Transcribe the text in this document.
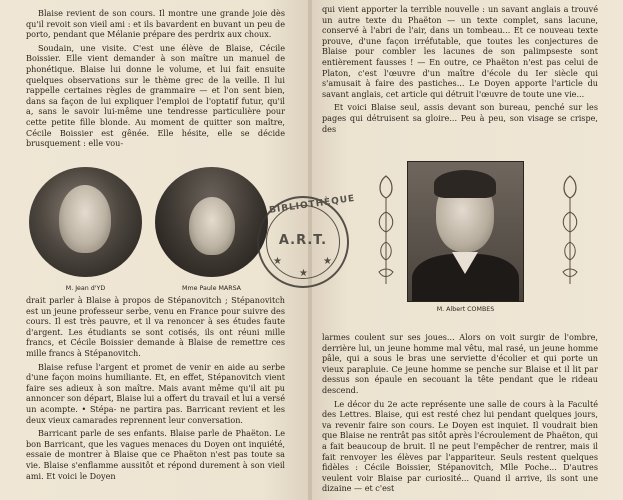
Blaise revient de son cours. Il montre une grande joie dès qu'il revoit son vieil ami : et ils bavardent en buvant un peu de porto, pendant que Mélanie prépare des perdrix aux choux.

Soudain, une visite. C'est une élève de Blaise, Cécile Boissier. Elle vient demander à son maître un manuel de phonétique. Blaise lui donne le volume, et lui fait ensuite quelques observations sur le thème grec de la veille. Il lui rappelle certaines règles de grammaire — et l'on sent bien, dans sa façon de lui expliquer l'emploi de l'optatif futur, qu'il a, sans le savoir lui-même une tendresse particulière pour cette petite fille blonde. Au moment de quitter son maître, Cécile Boissier est gênée. Elle hésite, elle se décide brusquement : elle vou-

M. Jean d'YD	Mme Paule MARSA

drait parler à Blaise à propos de Stépanovitch ; Stépanovitch est un jeune professeur serbe, venu en France pour suivre des cours. Il est très pauvre, et il va renoncer à ses études faute d'argent. Les étudiants se sont cotisés, ils ont réuni mille francs, et Cécile Boissier demande à Blaise de remettre ces mille francs à Stépanovitch.

Blaise refuse l'argent et promet de venir en aide au serbe d'une façon moins humiliante. Et, en effet, Stépanovitch vient faire ses adieux à son maître. Mais avant même qu'il ait pu annoncer son départ, Blaise lui a offert du travail et lui a versé un acompte. • Stépa- ne partira pas. Barricant revient et les deux vieux camarades reprennent leur conversation.

Barricant parle de ses enfants. Blaise parle de Phaëton. Le bon Barricant, que les vagues menaces du Doyen ont inquiété, essaie de montrer à Blaise que ce Phaëton n'est pas toute sa vie. Blaise s'enflamme aussitôt et répond durement à son vieil ami. Et voici le Doyen

BIBLIOTHÈQUE
A.R.T.
★
★
★

qui vient apporter la terrible nouvelle : un savant anglais a trouvé un autre texte du Phaëton — un texte complet, sans lacune, conservé à l'abri de l'air, dans un tombeau... Et ce nouveau texte prouve, d'une façon irréfutable, que toutes les conjectures de Blaise pour combler les lacunes de son palimpseste sont entièrement fausses ! — En outre, ce Phaëton n'est pas celui de Platon, c'est l'œuvre d'un maître d'école du Ier siècle qui s'amusait à faire des pastiches... Le Doyen apporte l'article du savant anglais, cet article qui détruit l'œuvre de toute une vie...

Et voici Blaise seul, assis devant son bureau, penché sur les pages qui détruisent sa gloire... Peu à peu, son visage se crispe, des

M. Albert COMBES

larmes coulent sur ses joues... Alors on voit surgir de l'ombre, derrière lui, un jeune homme mal vêtu, mal rasé, un jeune homme pâle, qui a sous le bras une serviette d'écolier et qui porte un vieux parapluie. Ce jeune homme se penche sur Blaise et il lit par dessus son épaule en secouant la tête pendant que le rideau descend.

Le décor du 2e acte représente une salle de cours à la Faculté des Lettres. Blaise, qui est resté chez lui pendant quelques jours, va revenir faire son cours. Le Doyen est inquiet. Il voudrait bien que Blaise ne rentrât pas sitôt après l'écroulement de Phaëton, qui a fait beaucoup de bruit. Il ne peut l'empêcher de rentrer, mais il fait renvoyer les élèves par l'appariteur. Seuls restent quelques fidèles : Cécile Boissier, Stépanovitch, Mlle Poche... D'autres veulent voir Blaise par curiosité... Quand il arrive, ils sont une dizaine — et c'est
